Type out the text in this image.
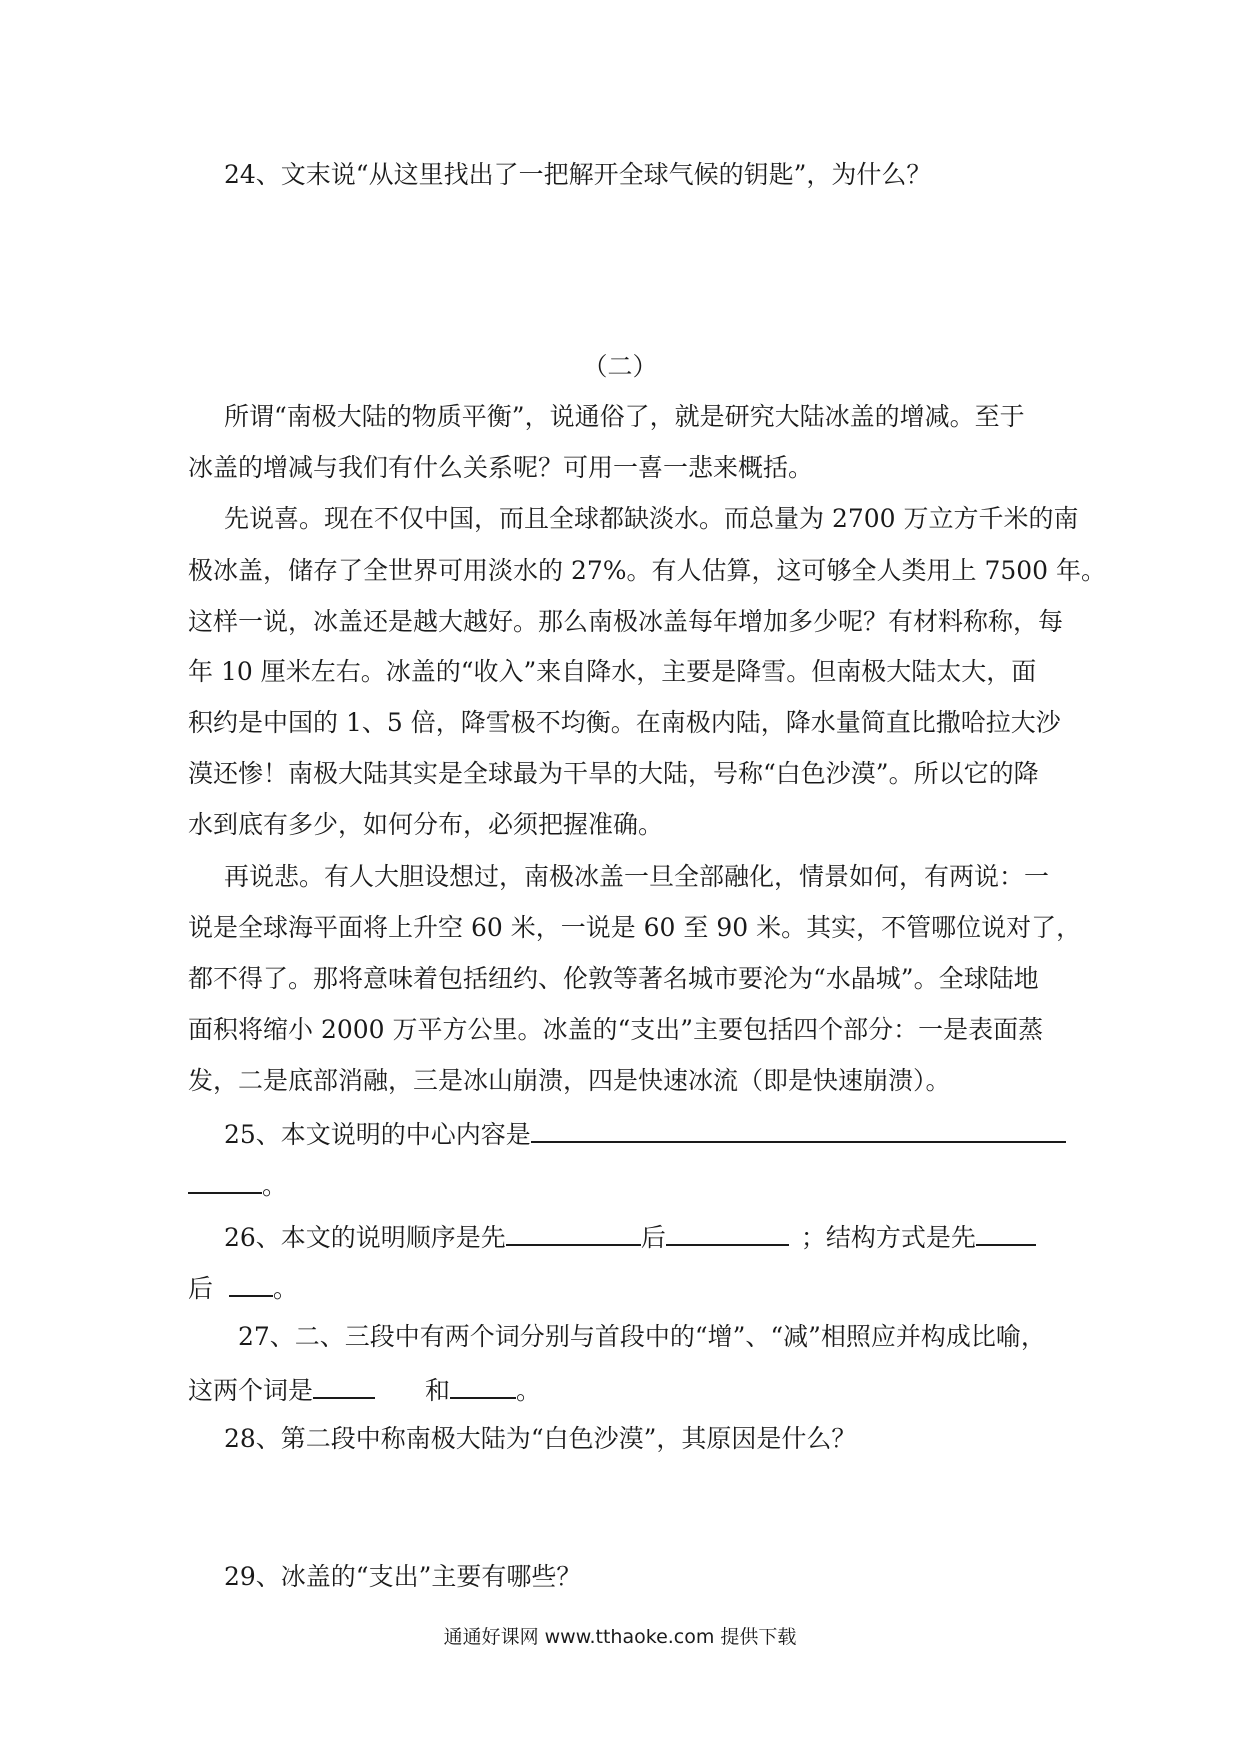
24、文末说“从这里找出了一把解开全球气候的钥匙”，为什么？
（二）
所谓“南极大陆的物质平衡”，说通俗了，就是研究大陆冰盖的增减。至于
冰盖的增减与我们有什么关系呢？可用一喜一悲来概括。
先说喜。现在不仅中国，而且全球都缺淡水。而总量为 2700 万立方千米的南
极冰盖，储存了全世界可用淡水的 27%。有人估算，这可够全人类用上 7500 年。
这样一说，冰盖还是越大越好。那么南极冰盖每年增加多少呢？有材料称称，每
年 10 厘米左右。冰盖的“收入”来自降水，主要是降雪。但南极大陆太大，面
积约是中国的 1、5 倍，降雪极不均衡。在南极内陆，降水量简直比撒哈拉大沙
漠还惨！南极大陆其实是全球最为干旱的大陆，号称“白色沙漠”。所以它的降
水到底有多少，如何分布，必须把握准确。
再说悲。有人大胆设想过，南极冰盖一旦全部融化，情景如何，有两说：一
说是全球海平面将上升空 60 米，一说是 60 至 90 米。其实，不管哪位说对了，
都不得了。那将意味着包括纽约、伦敦等著名城市要沦为“水晶城”。全球陆地
面积将缩小 2000 万平方公里。冰盖的“支出”主要包括四个部分：一是表面蒸
发，二是底部消融，三是冰山崩溃，四是快速冰流（即是快速崩溃）。
25、本文说明的中心内容是
。
26、本文的说明顺序是先	后	；结构方式是先
后 。
27、二、三段中有两个词分别与首段中的“增”、“减”相照应并构成比喻，
这两个词是	和	。
28、第二段中称南极大陆为“白色沙漠”，其原因是什么？
29、冰盖的“支出”主要有哪些？
通通好课网 www.tthaoke.com 提供下载
